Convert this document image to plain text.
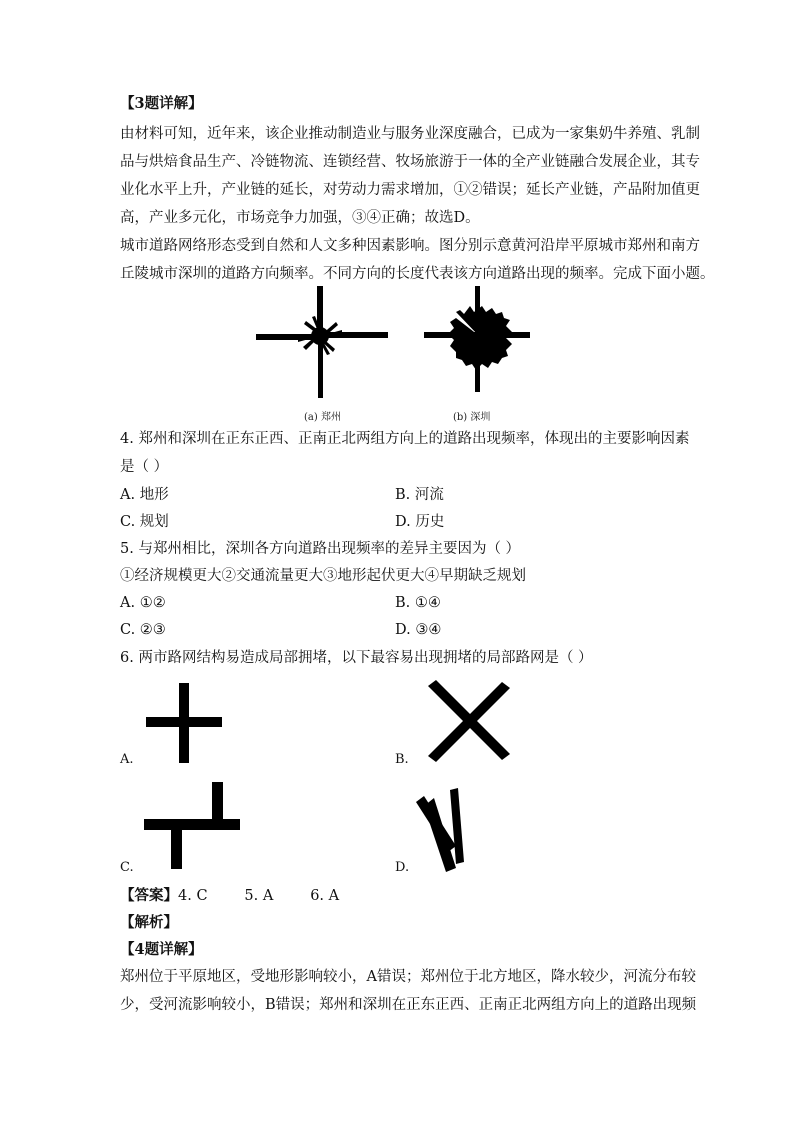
【3题详解】
由材料可知，近年来，该企业推动制造业与服务业深度融合，已成为一家集奶牛养殖、乳制
品与烘焙食品生产、冷链物流、连锁经营、牧场旅游于一体的全产业链融合发展企业，其专
业化水平上升，产业链的延长，对劳动力需求增加，①②错误；延长产业链，产品附加值更
高，产业多元化，市场竞争力加强，③④正确；故选D。
城市道路网络形态受到自然和人文多种因素影响。图分别示意黄河沿岸平原城市郑州和南方
丘陵城市深圳的道路方向频率。不同方向的长度代表该方向道路出现的频率。完成下面小题。
(a) 郑州	(b) 深圳
4. 郑州和深圳在正东正西、正南正北两组方向上的道路出现频率，体现出的主要影响因素
是（ ）
A. 地形	B. 河流
C. 规划	D. 历史
5. 与郑州相比，深圳各方向道路出现频率的差异主要因为（ ）
①经济规模更大②交通流量更大③地形起伏更大④早期缺乏规划
A. ①②	B. ①④
C. ②③	D. ③④
6. 两市路网结构易造成局部拥堵，以下最容易出现拥堵的局部路网是（ ）
A.	B.
C.	D.
【答案】4. C        5. A        6. A
【解析】
【4题详解】
郑州位于平原地区，受地形影响较小，A错误；郑州位于北方地区，降水较少，河流分布较
少，受河流影响较小，B错误；郑州和深圳在正东正西、正南正北两组方向上的道路出现频
